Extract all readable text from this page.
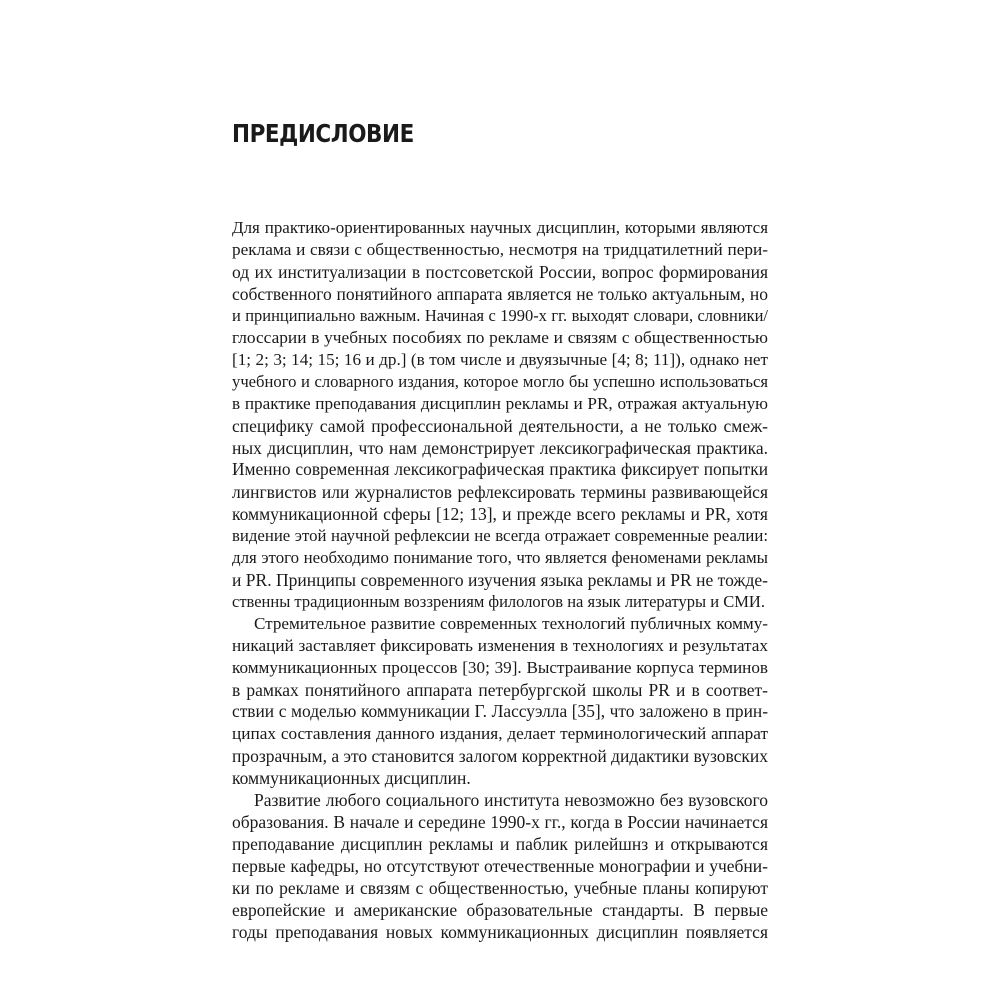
ПРЕДИСЛОВИЕ
Для практико-ориентированных научных дисциплин, которыми являются
реклама и связи с общественностью, несмотря на тридцатилетний пери-
од их институализации в постсоветской России, вопрос формирования
собственного понятийного аппарата является не только актуальным, но
и принципиально важным. Начиная с 1990-х гг. выходят словари, словники/
глоссарии в учебных пособиях по рекламе и связям с общественностью
[1; 2; 3; 14; 15; 16 и др.] (в том числе и двуязычные [4; 8; 11]), однако нет
учебного и словарного издания, которое могло бы успешно использоваться
в практике преподавания дисциплин рекламы и PR, отражая актуальную
специфику самой профессиональной деятельности, а не только смеж-
ных дисциплин, что нам демонстрирует лексикографическая практика.
Именно современная лексикографическая практика фиксирует попытки
лингвистов или журналистов рефлексировать термины развивающейся
коммуникационной сферы [12; 13], и прежде всего рекламы и PR, хотя
видение этой научной рефлексии не всегда отражает современные реалии:
для этого необходимо понимание того, что является феноменами рекламы
и PR. Принципы современного изучения языка рекламы и PR не тожде-
ственны традиционным воззрениям филологов на язык литературы и СМИ.
Стремительное развитие современных технологий публичных комму-
никаций заставляет фиксировать изменения в технологиях и результатах
коммуникационных процессов [30; 39]. Выстраивание корпуса терминов
в рамках понятийного аппарата петербургской школы PR и в соответ-
ствии с моделью коммуникации Г. Лассуэлла [35], что заложено в прин-
ципах составления данного издания, делает терминологический аппарат
прозрачным, а это становится залогом корректной дидактики вузовских
коммуникационных дисциплин.
Развитие любого социального института невозможно без вузовского
образования. В начале и середине 1990-х гг., когда в России начинается
преподавание дисциплин рекламы и паблик рилейшнз и открываются
первые кафедры, но отсутствуют отечественные монографии и учебни-
ки по рекламе и связям с общественностью, учебные планы копируют
европейские и американские образовательные стандарты. В первые
годы преподавания новых коммуникационных дисциплин появляется
